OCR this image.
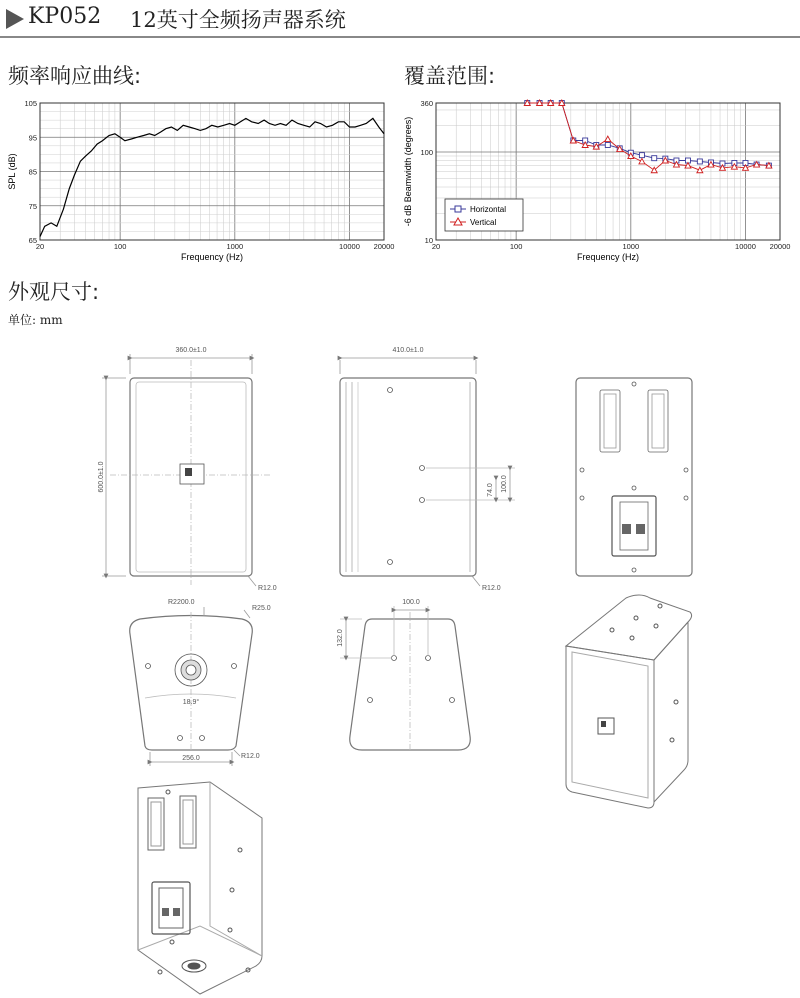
KP052 12英寸全频扬声器系统
频率响应曲线:	覆盖范围:
外观尺寸:
单位: mm
20	100	1000	10000 20000
105
95
85
75
65
Frequency (Hz)
SPL (dB)
20	100	1000	10000 20000
360
100
10
Horizontal
Vertical
Frequency (Hz)
-6 dB Beamwidth (degrees)
360.0±1.0
600.0±1.0
R12.0
410.0±1.0
74.0 100.0
R12.0
R2200.0
R25.0
18.9°
256.0	R12.0
100.0
132.0
